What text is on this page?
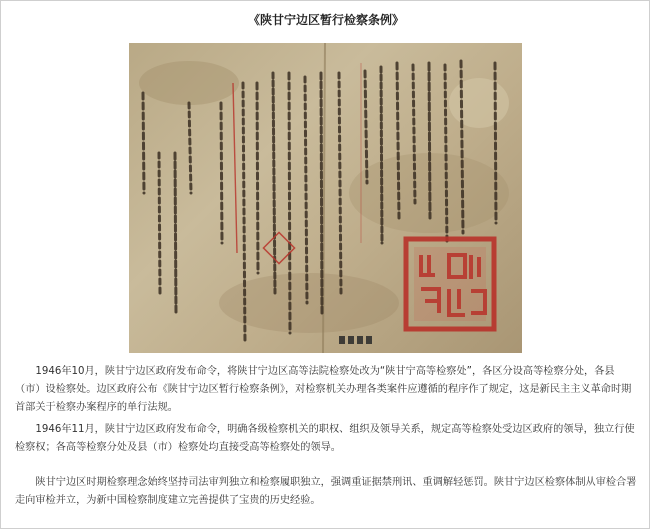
《陕甘宁边区暂行检察条例》

1946年10月，陕甘宁边区政府发布命令，将陕甘宁边区高等法院检察处改为“陕甘宁高等检察处”，各区分设高等检察分处，各县（市）设检察处。边区政府公布《陕甘宁边区暂行检察条例》，对检察机关办理各类案件应遵循的程序作了规定，这是新民主主义革命时期首部关于检察办案程序的单行法规。

1946年11月，陕甘宁边区政府发布命令，明确各级检察机关的职权、组织及领导关系，规定高等检察处受边区政府的领导，独立行使检察权；各高等检察分处及县（市）检察处均直接受高等检察处的领导。

陕甘宁边区时期检察理念始终坚持司法审判独立和检察履职独立，强调重证据禁刑讯、重调解轻惩罚。陕甘宁边区检察体制从审检合署走向审检并立，为新中国检察制度建立完善提供了宝贵的历史经验。
